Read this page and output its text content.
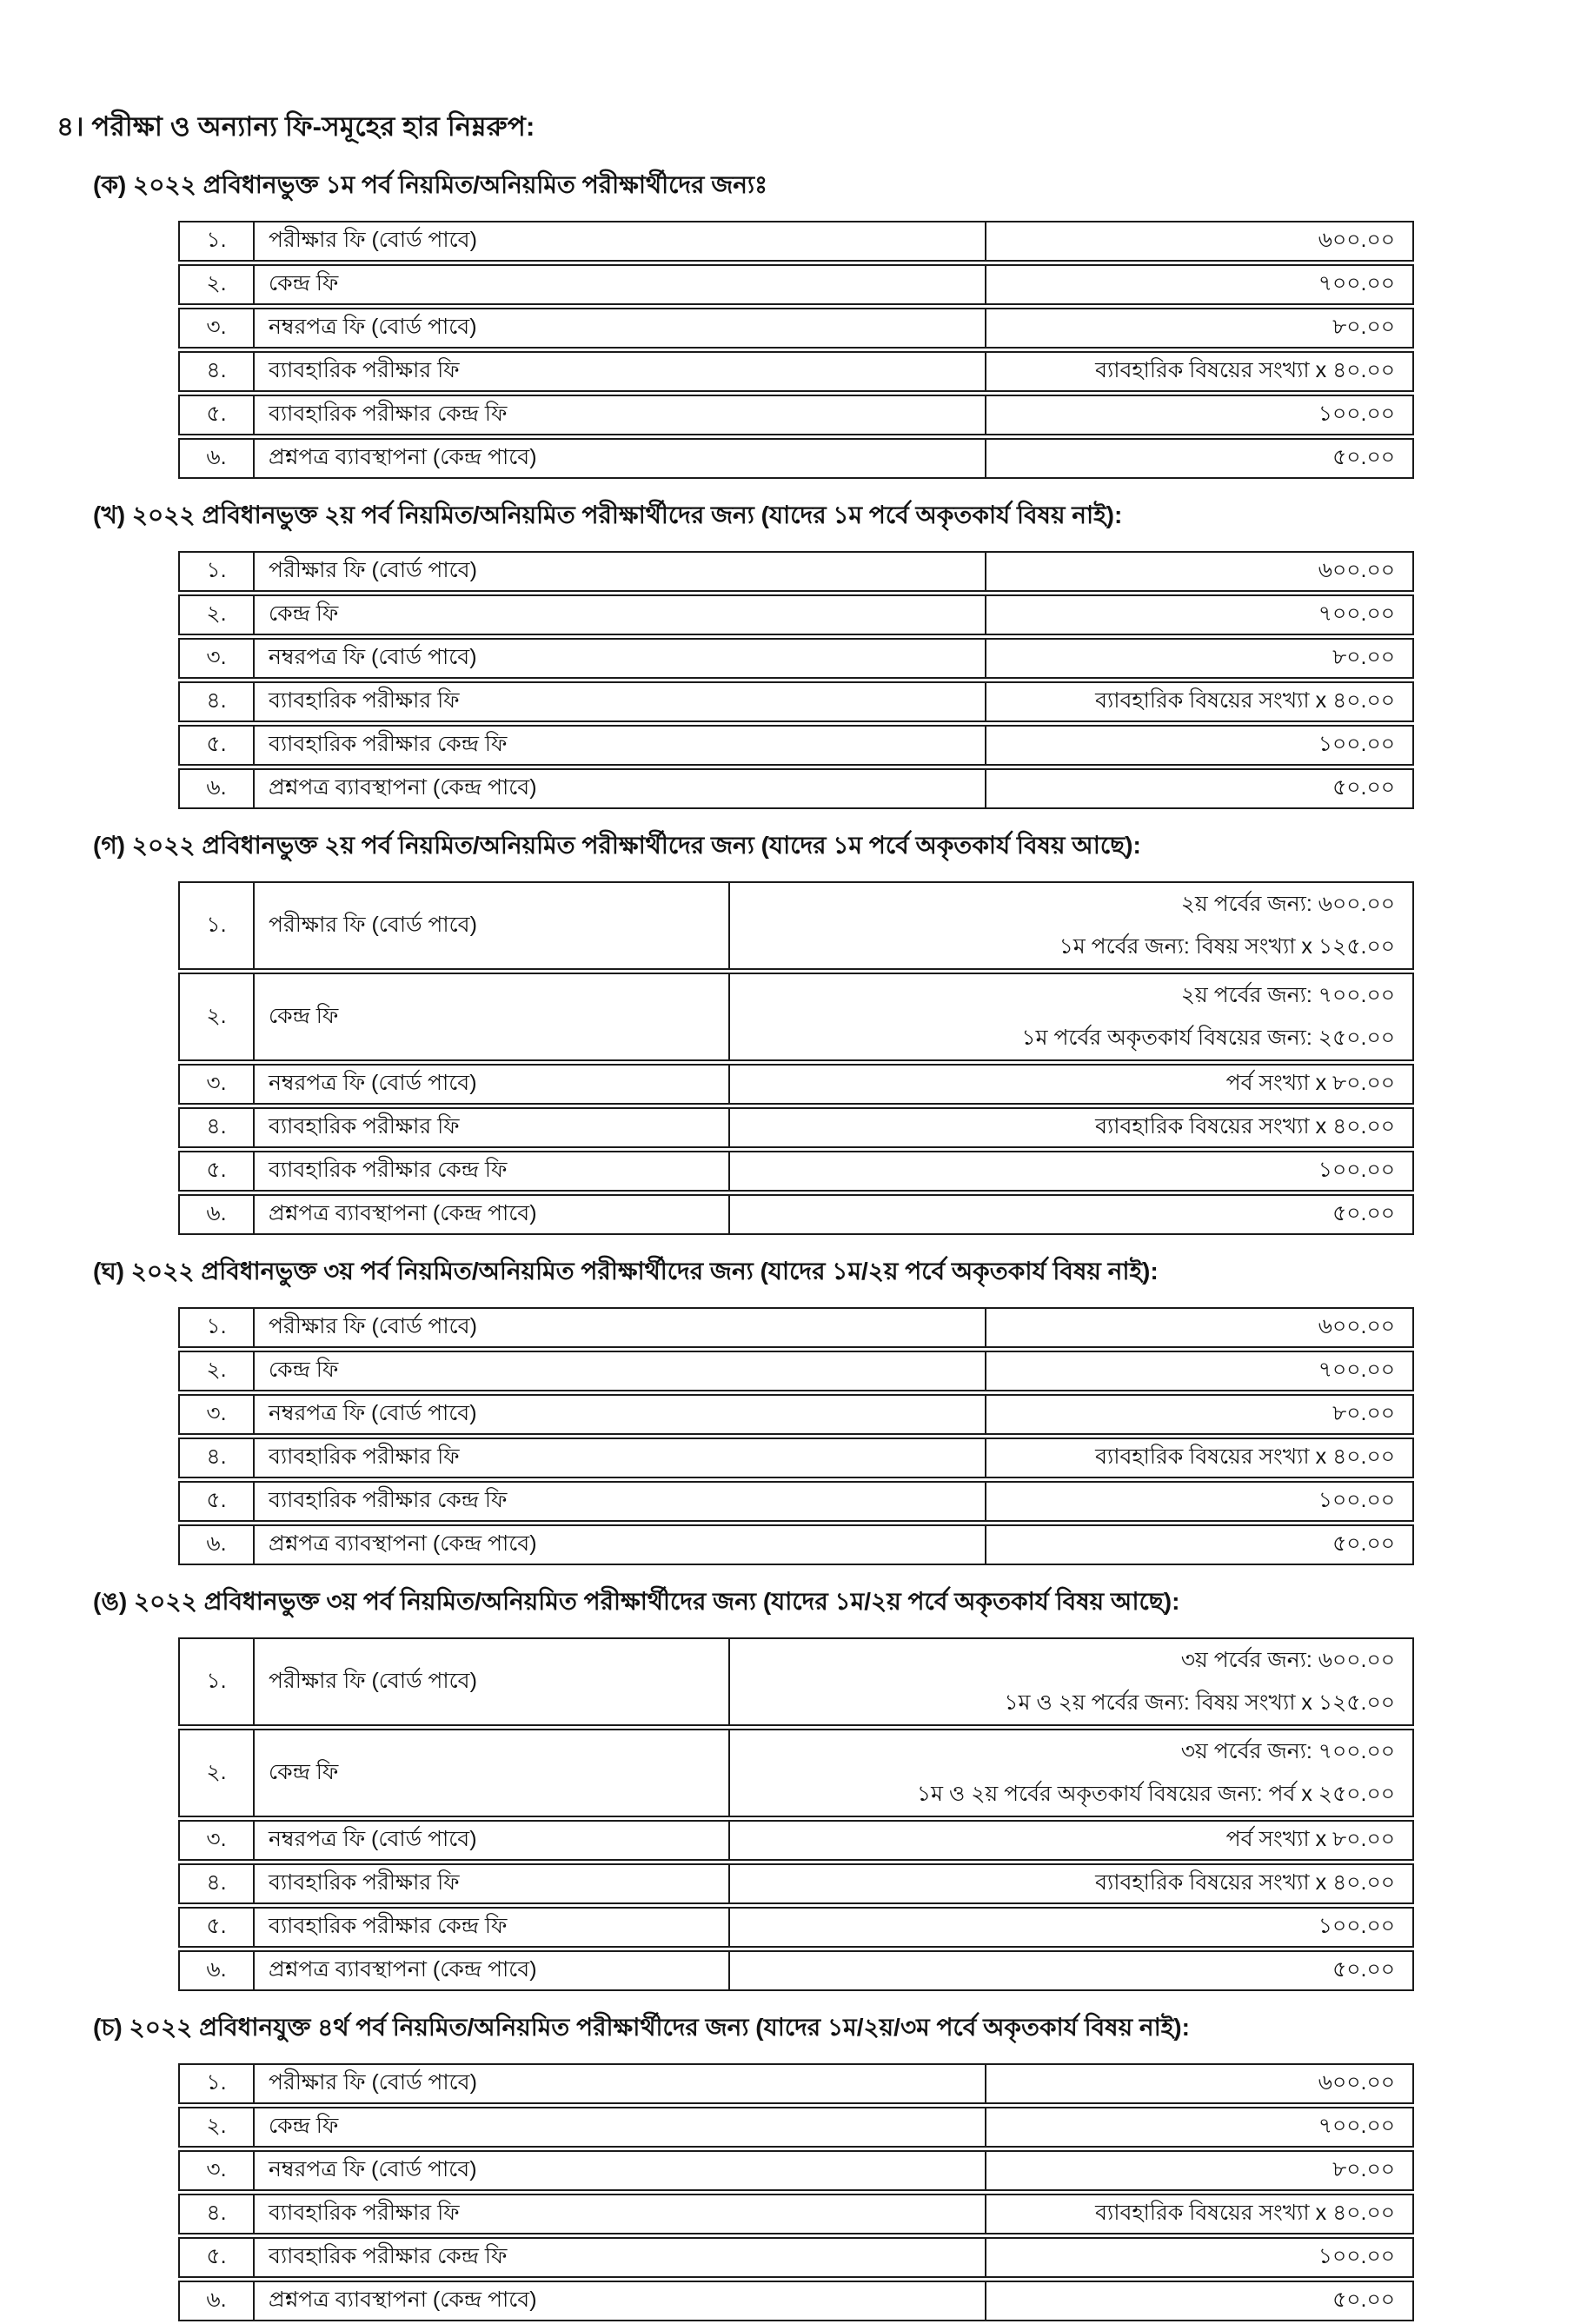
৪। পরীক্ষা ও অন্যান্য ফি-সমূহের হার নিম্নরুপ:
(ক) ২০২২ প্রবিধানভুক্ত ১ম পর্ব নিয়মিত/অনিয়মিত পরীক্ষার্থীদের জন্যঃ
১.	পরীক্ষার ফি (বোর্ড পাবে)	৬০০.০০

২.	কেন্দ্র ফি	৭০০.০০

৩.	নম্বরপত্র ফি (বোর্ড পাবে)	৮০.০০

৪.	ব্যাবহারিক পরীক্ষার ফি	ব্যাবহারিক বিষয়ের সংখ্যা x ৪০.০০

৫.	ব্যাবহারিক পরীক্ষার কেন্দ্র ফি	১০০.০০

৬.	প্রশ্নপত্র ব্যাবস্থাপনা (কেন্দ্র পাবে)	৫০.০০
(খ) ২০২২ প্রবিধানভুক্ত ২য় পর্ব নিয়মিত/অনিয়মিত পরীক্ষার্থীদের জন্য (যাদের ১ম পর্বে অকৃতকার্য বিষয় নাই):
১.	পরীক্ষার ফি (বোর্ড পাবে)	৬০০.০০

২.	কেন্দ্র ফি	৭০০.০০

৩.	নম্বরপত্র ফি (বোর্ড পাবে)	৮০.০০

৪.	ব্যাবহারিক পরীক্ষার ফি	ব্যাবহারিক বিষয়ের সংখ্যা x ৪০.০০

৫.	ব্যাবহারিক পরীক্ষার কেন্দ্র ফি	১০০.০০

৬.	প্রশ্নপত্র ব্যাবস্থাপনা (কেন্দ্র পাবে)	৫০.০০
(গ) ২০২২ প্রবিধানভুক্ত ২য় পর্ব নিয়মিত/অনিয়মিত পরীক্ষার্থীদের জন্য (যাদের ১ম পর্বে অকৃতকার্য বিষয় আছে):
১.	পরীক্ষার ফি (বোর্ড পাবে)	২য় পর্বের জন্য: ৬০০.০০
১ম পর্বের জন্য: বিষয় সংখ্যা x ১২৫.০০

২.	কেন্দ্র ফি	২য় পর্বের জন্য: ৭০০.০০
১ম পর্বের অকৃতকার্য বিষয়ের জন্য: ২৫০.০০

৩.	নম্বরপত্র ফি (বোর্ড পাবে)	পর্ব সংখ্যা x ৮০.০০

৪.	ব্যাবহারিক পরীক্ষার ফি	ব্যাবহারিক বিষয়ের সংখ্যা x ৪০.০০

৫.	ব্যাবহারিক পরীক্ষার কেন্দ্র ফি	১০০.০০

৬.	প্রশ্নপত্র ব্যাবস্থাপনা (কেন্দ্র পাবে)	৫০.০০
(ঘ) ২০২২ প্রবিধানভুক্ত ৩য় পর্ব নিয়মিত/অনিয়মিত পরীক্ষার্থীদের জন্য (যাদের ১ম/২য় পর্বে অকৃতকার্য বিষয় নাই):
১.	পরীক্ষার ফি (বোর্ড পাবে)	৬০০.০০

২.	কেন্দ্র ফি	৭০০.০০

৩.	নম্বরপত্র ফি (বোর্ড পাবে)	৮০.০০

৪.	ব্যাবহারিক পরীক্ষার ফি	ব্যাবহারিক বিষয়ের সংখ্যা x ৪০.০০

৫.	ব্যাবহারিক পরীক্ষার কেন্দ্র ফি	১০০.০০

৬.	প্রশ্নপত্র ব্যাবস্থাপনা (কেন্দ্র পাবে)	৫০.০০
(ঙ) ২০২২ প্রবিধানভুক্ত ৩য় পর্ব নিয়মিত/অনিয়মিত পরীক্ষার্থীদের জন্য (যাদের ১ম/২য় পর্বে অকৃতকার্য বিষয় আছে):
১.	পরীক্ষার ফি (বোর্ড পাবে)	৩য় পর্বের জন্য: ৬০০.০০
১ম ও ২য় পর্বের জন্য: বিষয় সংখ্যা x ১২৫.০০

২.	কেন্দ্র ফি	৩য় পর্বের জন্য: ৭০০.০০
১ম ও ২য় পর্বের অকৃতকার্য বিষয়ের জন্য: পর্ব x ২৫০.০০

৩.	নম্বরপত্র ফি (বোর্ড পাবে)	পর্ব সংখ্যা x ৮০.০০

৪.	ব্যাবহারিক পরীক্ষার ফি	ব্যাবহারিক বিষয়ের সংখ্যা x ৪০.০০

৫.	ব্যাবহারিক পরীক্ষার কেন্দ্র ফি	১০০.০০

৬.	প্রশ্নপত্র ব্যাবস্থাপনা (কেন্দ্র পাবে)	৫০.০০
(চ) ২০২২ প্রবিধানযুক্ত ৪র্থ পর্ব নিয়মিত/অনিয়মিত পরীক্ষার্থীদের জন্য (যাদের ১ম/২য়/৩ম পর্বে অকৃতকার্য বিষয় নাই):
১.	পরীক্ষার ফি (বোর্ড পাবে)	৬০০.০০

২.	কেন্দ্র ফি	৭০০.০০

৩.	নম্বরপত্র ফি (বোর্ড পাবে)	৮০.০০

৪.	ব্যাবহারিক পরীক্ষার ফি	ব্যাবহারিক বিষয়ের সংখ্যা x ৪০.০০

৫.	ব্যাবহারিক পরীক্ষার কেন্দ্র ফি	১০০.০০

৬.	প্রশ্নপত্র ব্যাবস্থাপনা (কেন্দ্র পাবে)	৫০.০০
